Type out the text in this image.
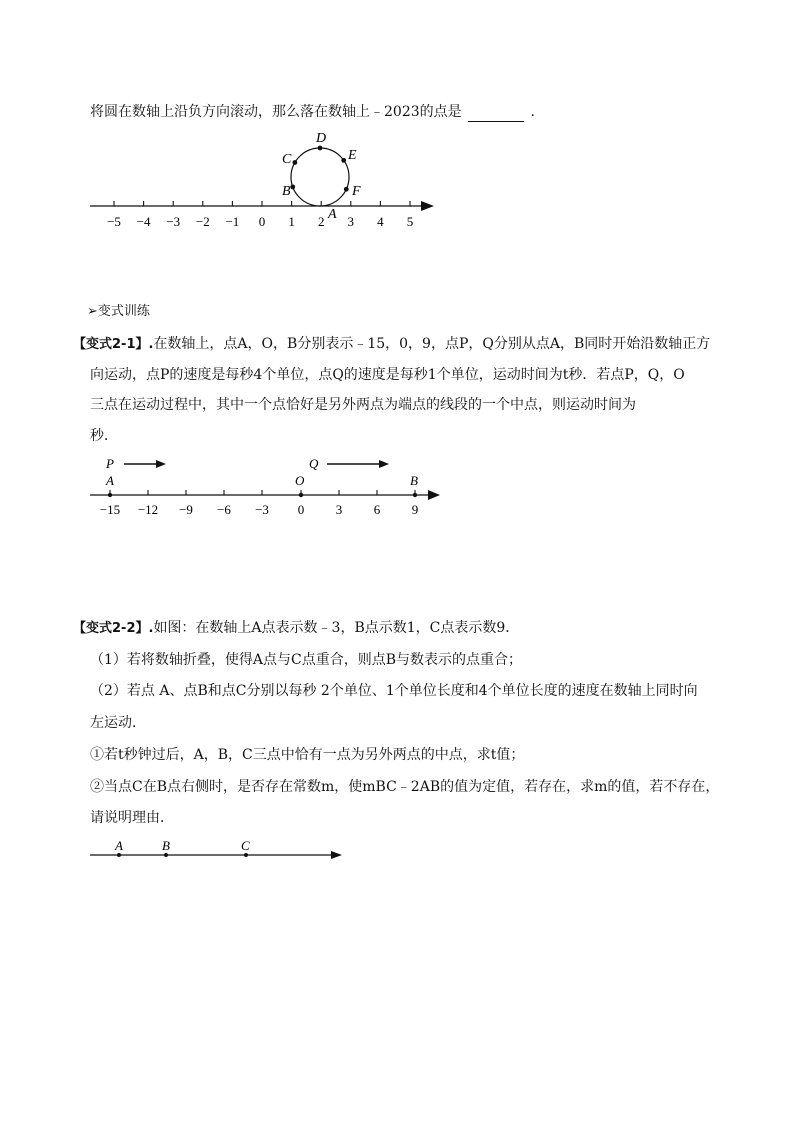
将圆在数轴上沿负方向滚动，那么落在数轴上﹣2023的点是	.
−5 −4 −3 −2 −1 0 1 2 3 4 5
D
C	E
B	F
A
➢变式训练
【变式2-1】.在数轴上，点A，O，B分别表示﹣15，0，9，点P，Q分别从点A，B同时开始沿数轴正方
向运动，点P的速度是每秒4个单位，点Q的速度是每秒1个单位，运动时间为t秒．若点P，Q，O
三点在运动过程中，其中一个点恰好是另外两点为端点的线段的一个中点，则运动时间为
秒．
−15 −12 −9 −6 −3 0 3 6 9
A	O	B
P	Q
【变式2-2】.如图：在数轴上A点表示数﹣3，B点示数1，C点表示数9．
（1）若将数轴折叠，使得A点与C点重合，则点B与数表示的点重合；
（2）若点 A、点B和点C分别以每秒 2个单位、1个单位长度和4个单位长度的速度在数轴上同时向
左运动．
①若t秒钟过后，A，B，C三点中恰有一点为另外两点的中点，求t值；
②当点C在B点右侧时，是否存在常数m，使mBC﹣2AB的值为定值，若存在，求m的值，若不存在，
请说明理由．
A	B	C
